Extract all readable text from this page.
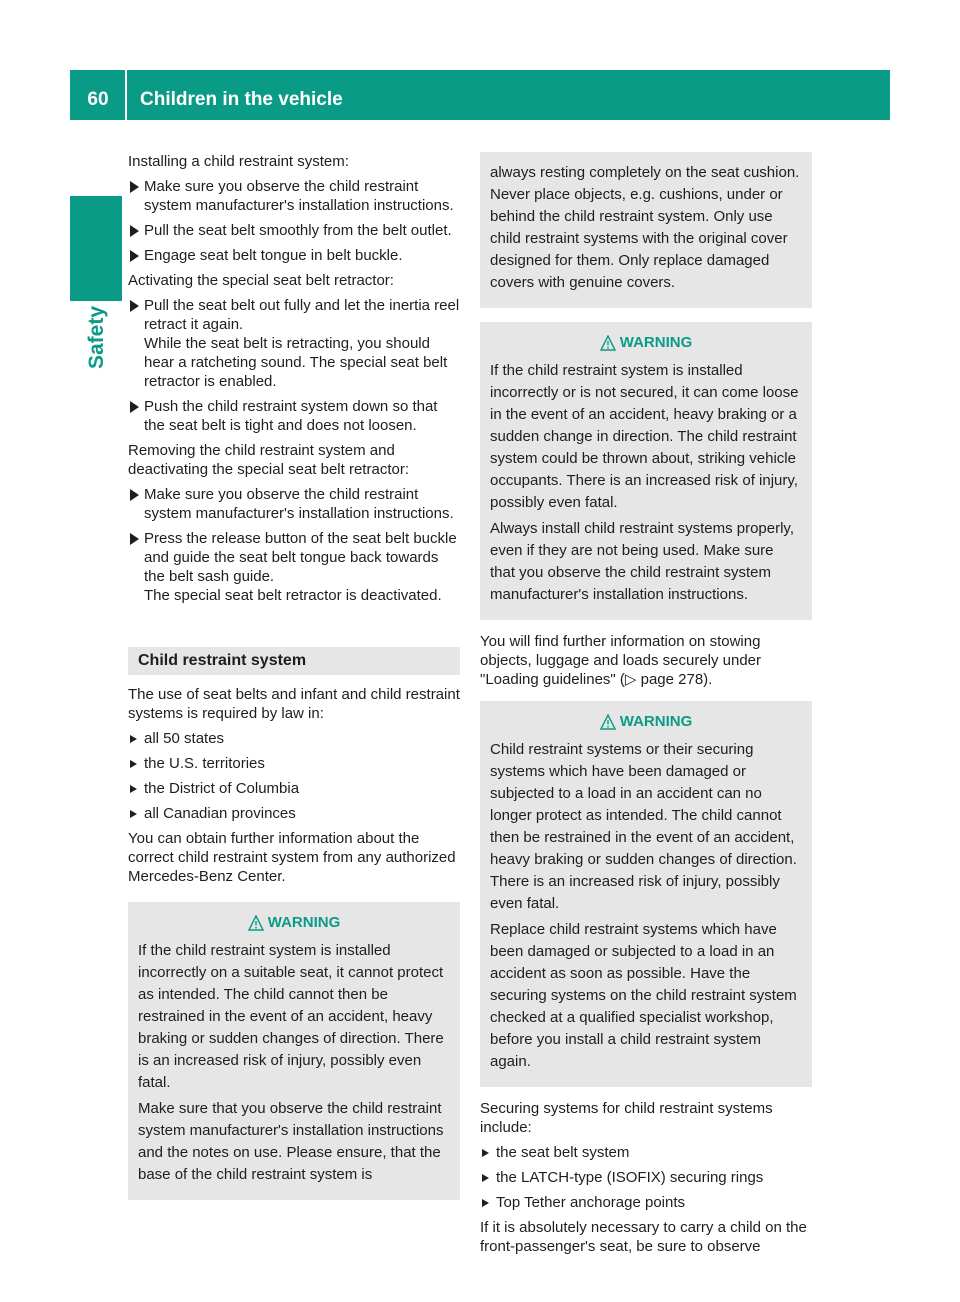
60	Children in the vehicle
Safety

Installing a child restraint system:

Make sure you observe the child restraint system manufacturer's installation instructions.
Pull the seat belt smoothly from the belt outlet.
Engage seat belt tongue in belt buckle.

Activating the special seat belt retractor:

Pull the seat belt out fully and let the inertia reel retract it again.
While the seat belt is retracting, you should hear a ratcheting sound. The special seat belt retractor is enabled.
Push the child restraint system down so that the seat belt is tight and does not loosen.

Removing the child restraint system and deactivating the special seat belt retractor:

Make sure you observe the child restraint system manufacturer's installation instructions.
Press the release button of the seat belt buckle and guide the seat belt tongue back towards the belt sash guide.
The special seat belt retractor is deactivated.
Child restraint system

The use of seat belts and infant and child restraint systems is required by law in:

all 50 states
the U.S. territories
the District of Columbia
all Canadian provinces

You can obtain further information about the correct child restraint system from any authorized Mercedes-Benz Center.

WARNING

If the child restraint system is installed incorrectly on a suitable seat, it cannot protect as intended. The child cannot then be restrained in the event of an accident, heavy braking or sudden changes of direction. There is an increased risk of injury, possibly even fatal.

Make sure that you observe the child restraint system manufacturer's installation instructions and the notes on use. Please ensure, that the base of the child restraint system is

always resting completely on the seat cushion. Never place objects, e.g. cushions, under or behind the child restraint system. Only use child restraint systems with the original cover designed for them. Only replace damaged covers with genuine covers.

WARNING

If the child restraint system is installed incorrectly or is not secured, it can come loose in the event of an accident, heavy braking or a sudden change in direction. The child restraint system could be thrown about, striking vehicle occupants. There is an increased risk of injury, possibly even fatal.

Always install child restraint systems properly, even if they are not being used. Make sure that you observe the child restraint system manufacturer's installation instructions.

You will find further information on stowing objects, luggage and loads securely under "Loading guidelines" (▷ page 278).

WARNING

Child restraint systems or their securing systems which have been damaged or subjected to a load in an accident can no longer protect as intended. The child cannot then be restrained in the event of an accident, heavy braking or sudden changes of direction. There is an increased risk of injury, possibly even fatal.

Replace child restraint systems which have been damaged or subjected to a load in an accident as soon as possible. Have the securing systems on the child restraint system checked at a qualified specialist workshop, before you install a child restraint system again.

Securing systems for child restraint systems include:

the seat belt system
the LATCH-type (ISOFIX) securing rings
Top Tether anchorage points

If it is absolutely necessary to carry a child on the front-passenger's seat, be sure to observe
